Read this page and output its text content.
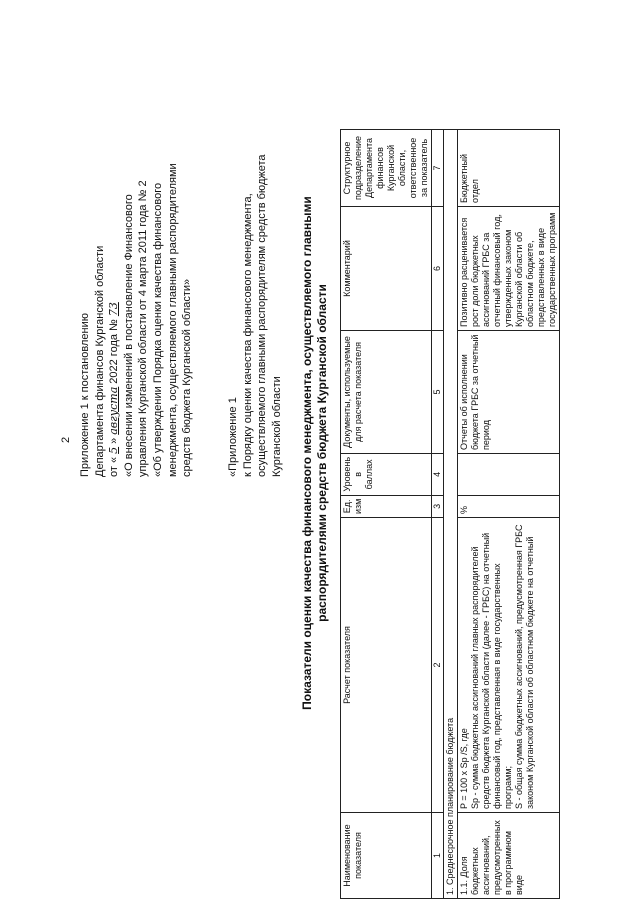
2 Приложение 1 к постановлению Департамента финансов Курганской области от «5»августа2022 года №73 «О внесении изменений в постановление Финансового управления Курганской области от 4 марта 2011 года № 2 «Об утверждении Порядка оценки качества финансового менеджмента, осуществляемого главными распорядителями средств бюджета Курганской области»	«Приложение 1 к Порядку оценки качества финансового менеджмента, осуществляемого главными распорядителям средств бюджета Курганской области Показатели оценки качества финансового менеджмента, осуществляемого главными распорядителями средств бюджета Курганской области
Наименование показателя	Расчет показателя	Ед. изм	Уровень в баллах	Документы, используемые для расчета показателя	Комментарий	Структурное подразделение Департамента финансов Курганской области, ответственное за показатель
1	2	3	4	5	6	7
1. Среднесрочное планирование бюджета						
1.1. Доля бюджетных ассигнований, предусмотренных в программном виде	P = 100 x Sp /S, где Sp - сумма бюджетных ассигнований главных распорядителей средств бюджета Курганской области (далее - ГРБС) на отчетный финансовый год, представленная в виде государственных программ; S - общая сумма бюджетных ассигнований, предусмотренная ГРБС законом Курганской области об областном бюджете на отчетный	%		Отчеты об исполнении бюджета ГРБС за отчетный период	Позитивно расценивается рост доли бюджетных ассигнований ГРБС за отчетный финансовый год, утвержденных законом Курганской области об областном бюджете, представленных в виде государственных программ	Бюджетный отдел
